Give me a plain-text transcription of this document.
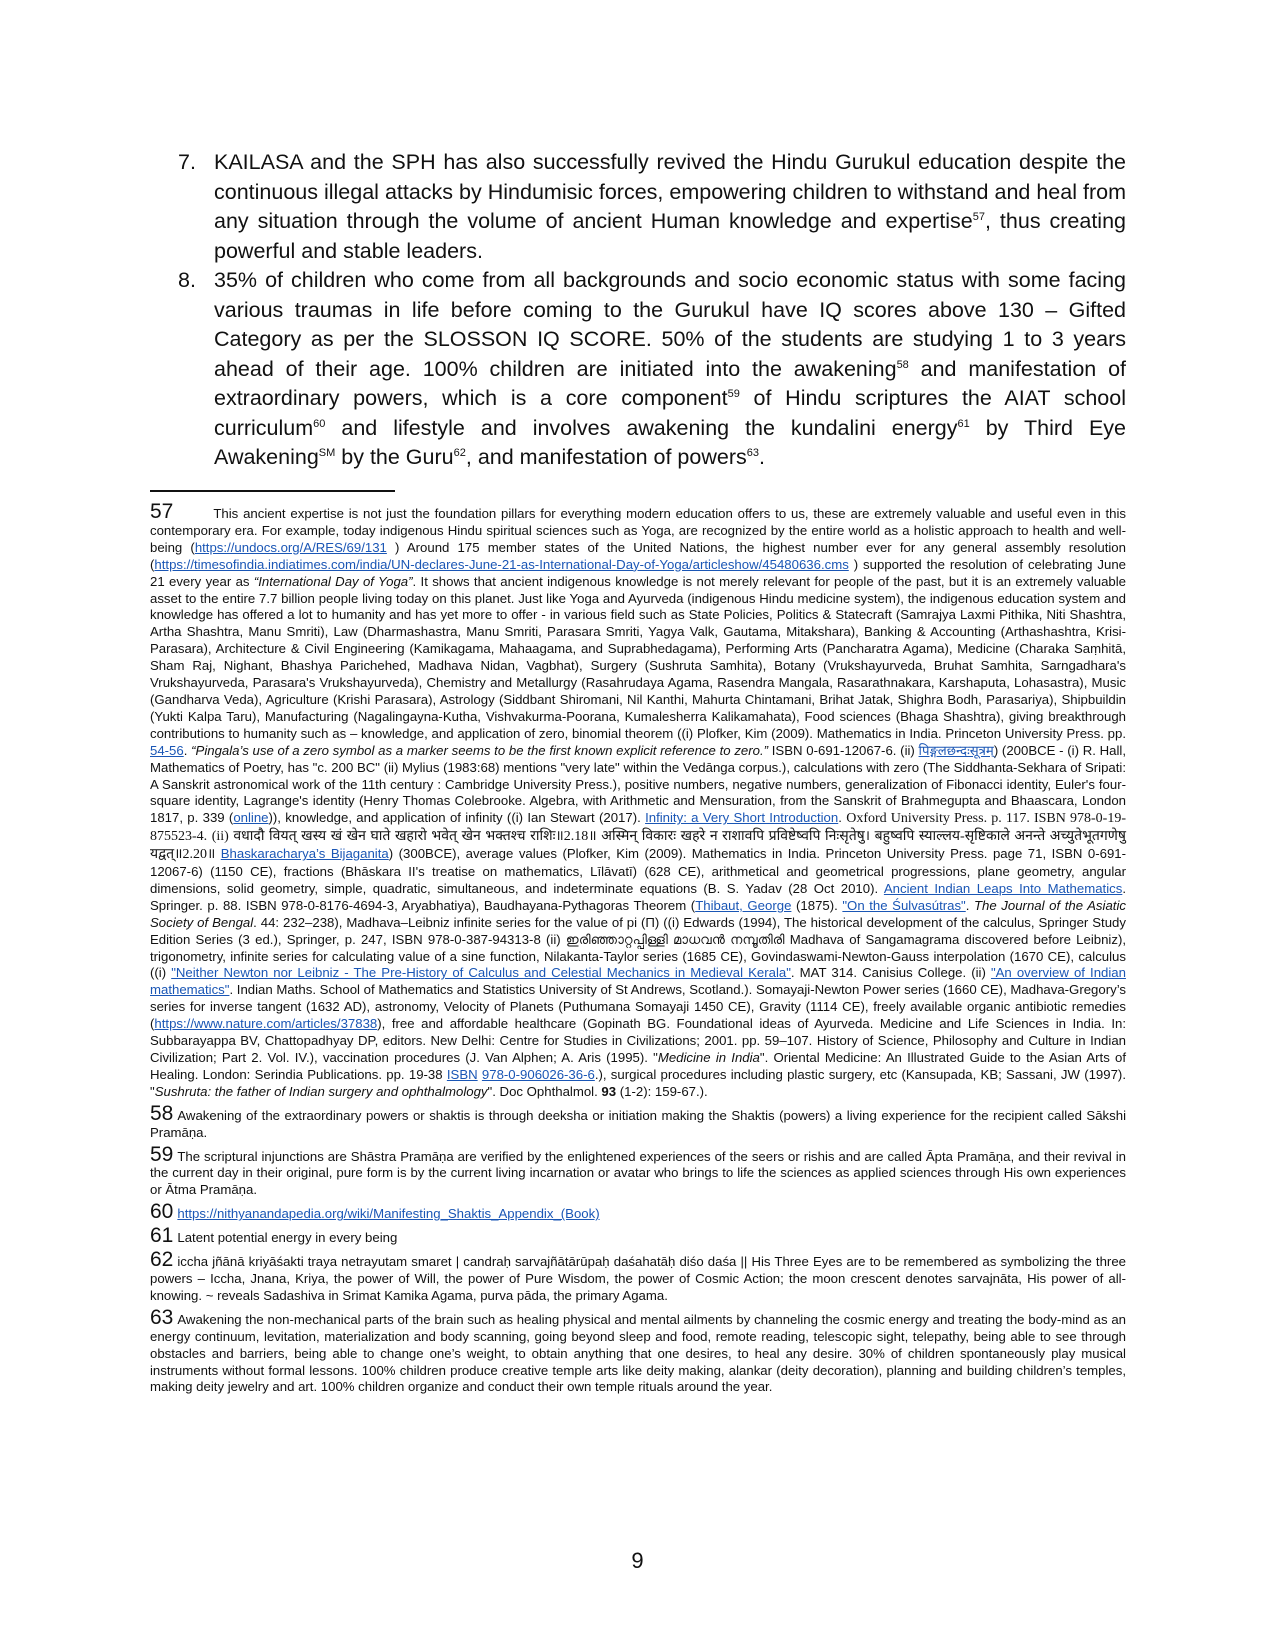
7. KAILASA and the SPH has also successfully revived the Hindu Gurukul education despite the continuous illegal attacks by Hindumisic forces, empowering children to withstand and heal from any situation through the volume of ancient Human knowledge and expertise$^{57}$, thus creating powerful and stable leaders.
8. 35% of children who come from all backgrounds and socio economic status with some facing various traumas in life before coming to the Gurukul have IQ scores above 130 – Gifted Category as per the SLOSSON IQ SCORE. 50% of the students are studying 1 to 3 years ahead of their age. 100% children are initiated into the awakening$^{58}$ and manifestation of extraordinary powers, which is a core component$^{59}$ of Hindu scriptures the AIAT school curriculum$^{60}$ and lifestyle and involves awakening the kundalini energy$^{61}$ by Third Eye Awakening℠ by the Guru$^{62}$, and manifestation of powers$^{63}$.

57	This ancient expertise is not just the foundation pillars for everything modern education offers to us, these are extremely valuable and useful even in this contemporary era. For example, today indigenous Hindu spiritual sciences such as Yoga, are recognized by the entire world as a holistic approach to health and well-being (https://undocs.org/A/RES/69/131 ) Around 175 member states of the United Nations, the highest number ever for any general assembly resolution (https://timesofindia.indiatimes.com/india/UN-declares-June-21-as-International-Day-of-Yoga/articleshow/45480636.cms ) supported the resolution of celebrating June 21 every year as “International Day of Yoga”. It shows that ancient indigenous knowledge is not merely relevant for people of the past, but it is an extremely valuable asset to the entire 7.7 billion people living today on this planet. Just like Yoga and Ayurveda (indigenous Hindu medicine system), the indigenous education system and knowledge has offered a lot to humanity and has yet more to offer - in various field such as State Policies, Politics & Statecraft (Samrajya Laxmi Pithika, Niti Shashtra, Artha Shashtra, Manu Smriti), Law (Dharmashastra, Manu Smriti, Parasara Smriti, Yagya Valk, Gautama, Mitakshara), Banking & Accounting (Arthashashtra, Krisi-Parasara), Architecture & Civil Engineering (Kamikagama, Mahaagama, and Suprabhedagama), Performing Arts (Pancharatra Agama), Medicine (Charaka Saṃhitā, Sham Raj, Nighant, Bhashya Parichehed, Madhava Nidan, Vagbhat), Surgery (Sushruta Samhita), Botany (Vrukshayurveda, Bruhat Samhita, Sarngadhara's Vrukshayurveda, Parasara's Vrukshayurveda), Chemistry and Metallurgy (Rasahrudaya Agama, Rasendra Mangala, Rasarathnakara, Karshaputa, Lohasastra), Music (Gandharva Veda), Agriculture (Krishi Parasara), Astrology (Siddbant Shiromani, Nil Kanthi, Mahurta Chintamani, Brihat Jatak, Shighra Bodh, Parasariya), Shipbuildin (Yukti Kalpa Taru), Manufacturing (Nagalingayna-Kutha, Vishvakurma-Poorana, Kumalesherra Kalikamahata), Food sciences (Bhaga Shashtra), giving breakthrough contributions to humanity such as – knowledge, and application of zero, binomial theorem ((i) Plofker, Kim (2009). Mathematics in India. Princeton University Press. pp. 54-56. “Pingala’s use of a zero symbol as a marker seems to be the first known explicit reference to zero.” ISBN 0-691-12067-6. (ii) पिङ्गलछन्दःसूत्रम्) (200BCE - (i) R. Hall, Mathematics of Poetry, has "c. 200 BC" (ii) Mylius (1983:68) mentions "very late" within the Vedānga corpus.), calculations with zero (The Siddhanta-Sekhara of Sripati: A Sanskrit astronomical work of the 11th century : Cambridge University Press.), positive numbers, negative numbers, generalization of Fibonacci identity, Euler's four-square identity, Lagrange's identity (Henry Thomas Colebrooke. Algebra, with Arithmetic and Mensuration, from the Sanskrit of Brahmegupta and Bhaascara, London 1817, p. 339 (online)), knowledge, and application of infinity ((i) Ian Stewart (2017). Infinity: a Very Short Introduction. Oxford University Press. p. 117. ISBN 978-0-19-875523-4. (ii) वधादौ वियत् खस्य खं खेन घाते खहारो भवेत् खेन भक्तश्च राशिः॥2.18॥ अस्मिन् विकारः खहरे न राशावपि प्रविष्टेष्वपि निःसृतेषु। बहुष्वपि स्याल्लय-सृष्टिकाले अनन्ते अच्युतेभूतगणेषु यद्वत्॥2.20॥ Bhaskaracharya’s Bijaganita) (300BCE), average values (Plofker, Kim (2009). Mathematics in India. Princeton University Press. page 71, ISBN 0-691-12067-6) (1150 CE), fractions (Bhāskara II's treatise on mathematics, Līlāvatī) (628 CE), arithmetical and geometrical progressions, plane geometry, angular dimensions, solid geometry, simple, quadratic, simultaneous, and indeterminate equations (B. S. Yadav (28 Oct 2010). Ancient Indian Leaps Into Mathematics. Springer. p. 88. ISBN 978-0-8176-4694-3, Aryabhatiya), Baudhayana-Pythagoras Theorem (Thibaut, George (1875). "On the Śulvasútras". The Journal of the Asiatic Society of Bengal. 44: 232–238), Madhava–Leibniz infinite series for the value of pi (Π) ((i) Edwards (1994), The historical development of the calculus, Springer Study Edition Series (3 ed.), Springer, p. 247, ISBN 978-0-387-94313-8 (ii) ഇരിഞ്ഞാറ്റപ്പിള്ളി മാധവൻ നമ്പൂതിരി Madhava of Sangamagrama discovered before Leibniz), trigonometry, infinite series for calculating value of a sine function, Nilakanta-Taylor series (1685 CE), Govindaswami-Newton-Gauss interpolation (1670 CE), calculus ((i) "Neither Newton nor Leibniz - The Pre-History of Calculus and Celestial Mechanics in Medieval Kerala". MAT 314. Canisius College. (ii) "An overview of Indian mathematics". Indian Maths. School of Mathematics and Statistics University of St Andrews, Scotland.). Somayaji-Newton Power series (1660 CE), Madhava-Gregory’s series for inverse tangent (1632 AD), astronomy, Velocity of Planets (Puthumana Somayaji 1450 CE), Gravity (1114 CE), freely available organic antibiotic remedies (https://www.nature.com/articles/37838), free and affordable healthcare (Gopinath BG. Foundational ideas of Ayurveda. Medicine and Life Sciences in India. In: Subbarayappa BV, Chattopadhyay DP, editors. New Delhi: Centre for Studies in Civilizations; 2001. pp. 59–107. History of Science, Philosophy and Culture in Indian Civilization; Part 2. Vol. IV.), vaccination procedures (J. Van Alphen; A. Aris (1995). "Medicine in India". Oriental Medicine: An Illustrated Guide to the Asian Arts of Healing. London: Serindia Publications. pp. 19-38 ISBN 978-0-906026-36-6.), surgical procedures including plastic surgery, etc (Kansupada, KB; Sassani, JW (1997). "Sushruta: the father of Indian surgery and ophthalmology". Doc Ophthalmol. 93 (1-2): 159-67.).

58 Awakening of the extraordinary powers or shaktis is through deeksha or initiation making the Shaktis (powers) a living experience for the recipient called Sākshi Pramāṇa.

59 The scriptural injunctions are Shāstra Pramāṇa are verified by the enlightened experiences of the seers or rishis and are called Āpta Pramāṇa, and their revival in the current day in their original, pure form is by the current living incarnation or avatar who brings to life the sciences as applied sciences through His own experiences or Ātma Pramāṇa.

60 https://nithyanandapedia.org/wiki/Manifesting_Shaktis_Appendix_(Book)

61 Latent potential energy in every being

62 iccha jñānā kriyāśakti traya netrayutam smaret | candraḥ sarvajñātārūpaḥ daśahatāḥ diśo daśa || His Three Eyes are to be remembered as symbolizing the three powers – Iccha, Jnana, Kriya, the power of Will, the power of Pure Wisdom, the power of Cosmic Action; the moon crescent denotes sarvajnāta, His power of all- knowing. ~ reveals Sadashiva in Srimat Kamika Agama, purva pāda, the primary Agama.

63 Awakening the non-mechanical parts of the brain such as healing physical and mental ailments by channeling the cosmic energy and treating the body-mind as an energy continuum, levitation, materialization and body scanning, going beyond sleep and food, remote reading, telescopic sight, telepathy, being able to see through obstacles and barriers, being able to change one’s weight, to obtain anything that one desires, to heal any desire. 30% of children spontaneously play musical instruments without formal lessons. 100% children produce creative temple arts like deity making, alankar (deity decoration), planning and building children’s temples, making deity jewelry and art. 100% children organize and conduct their own temple rituals around the year.

9
